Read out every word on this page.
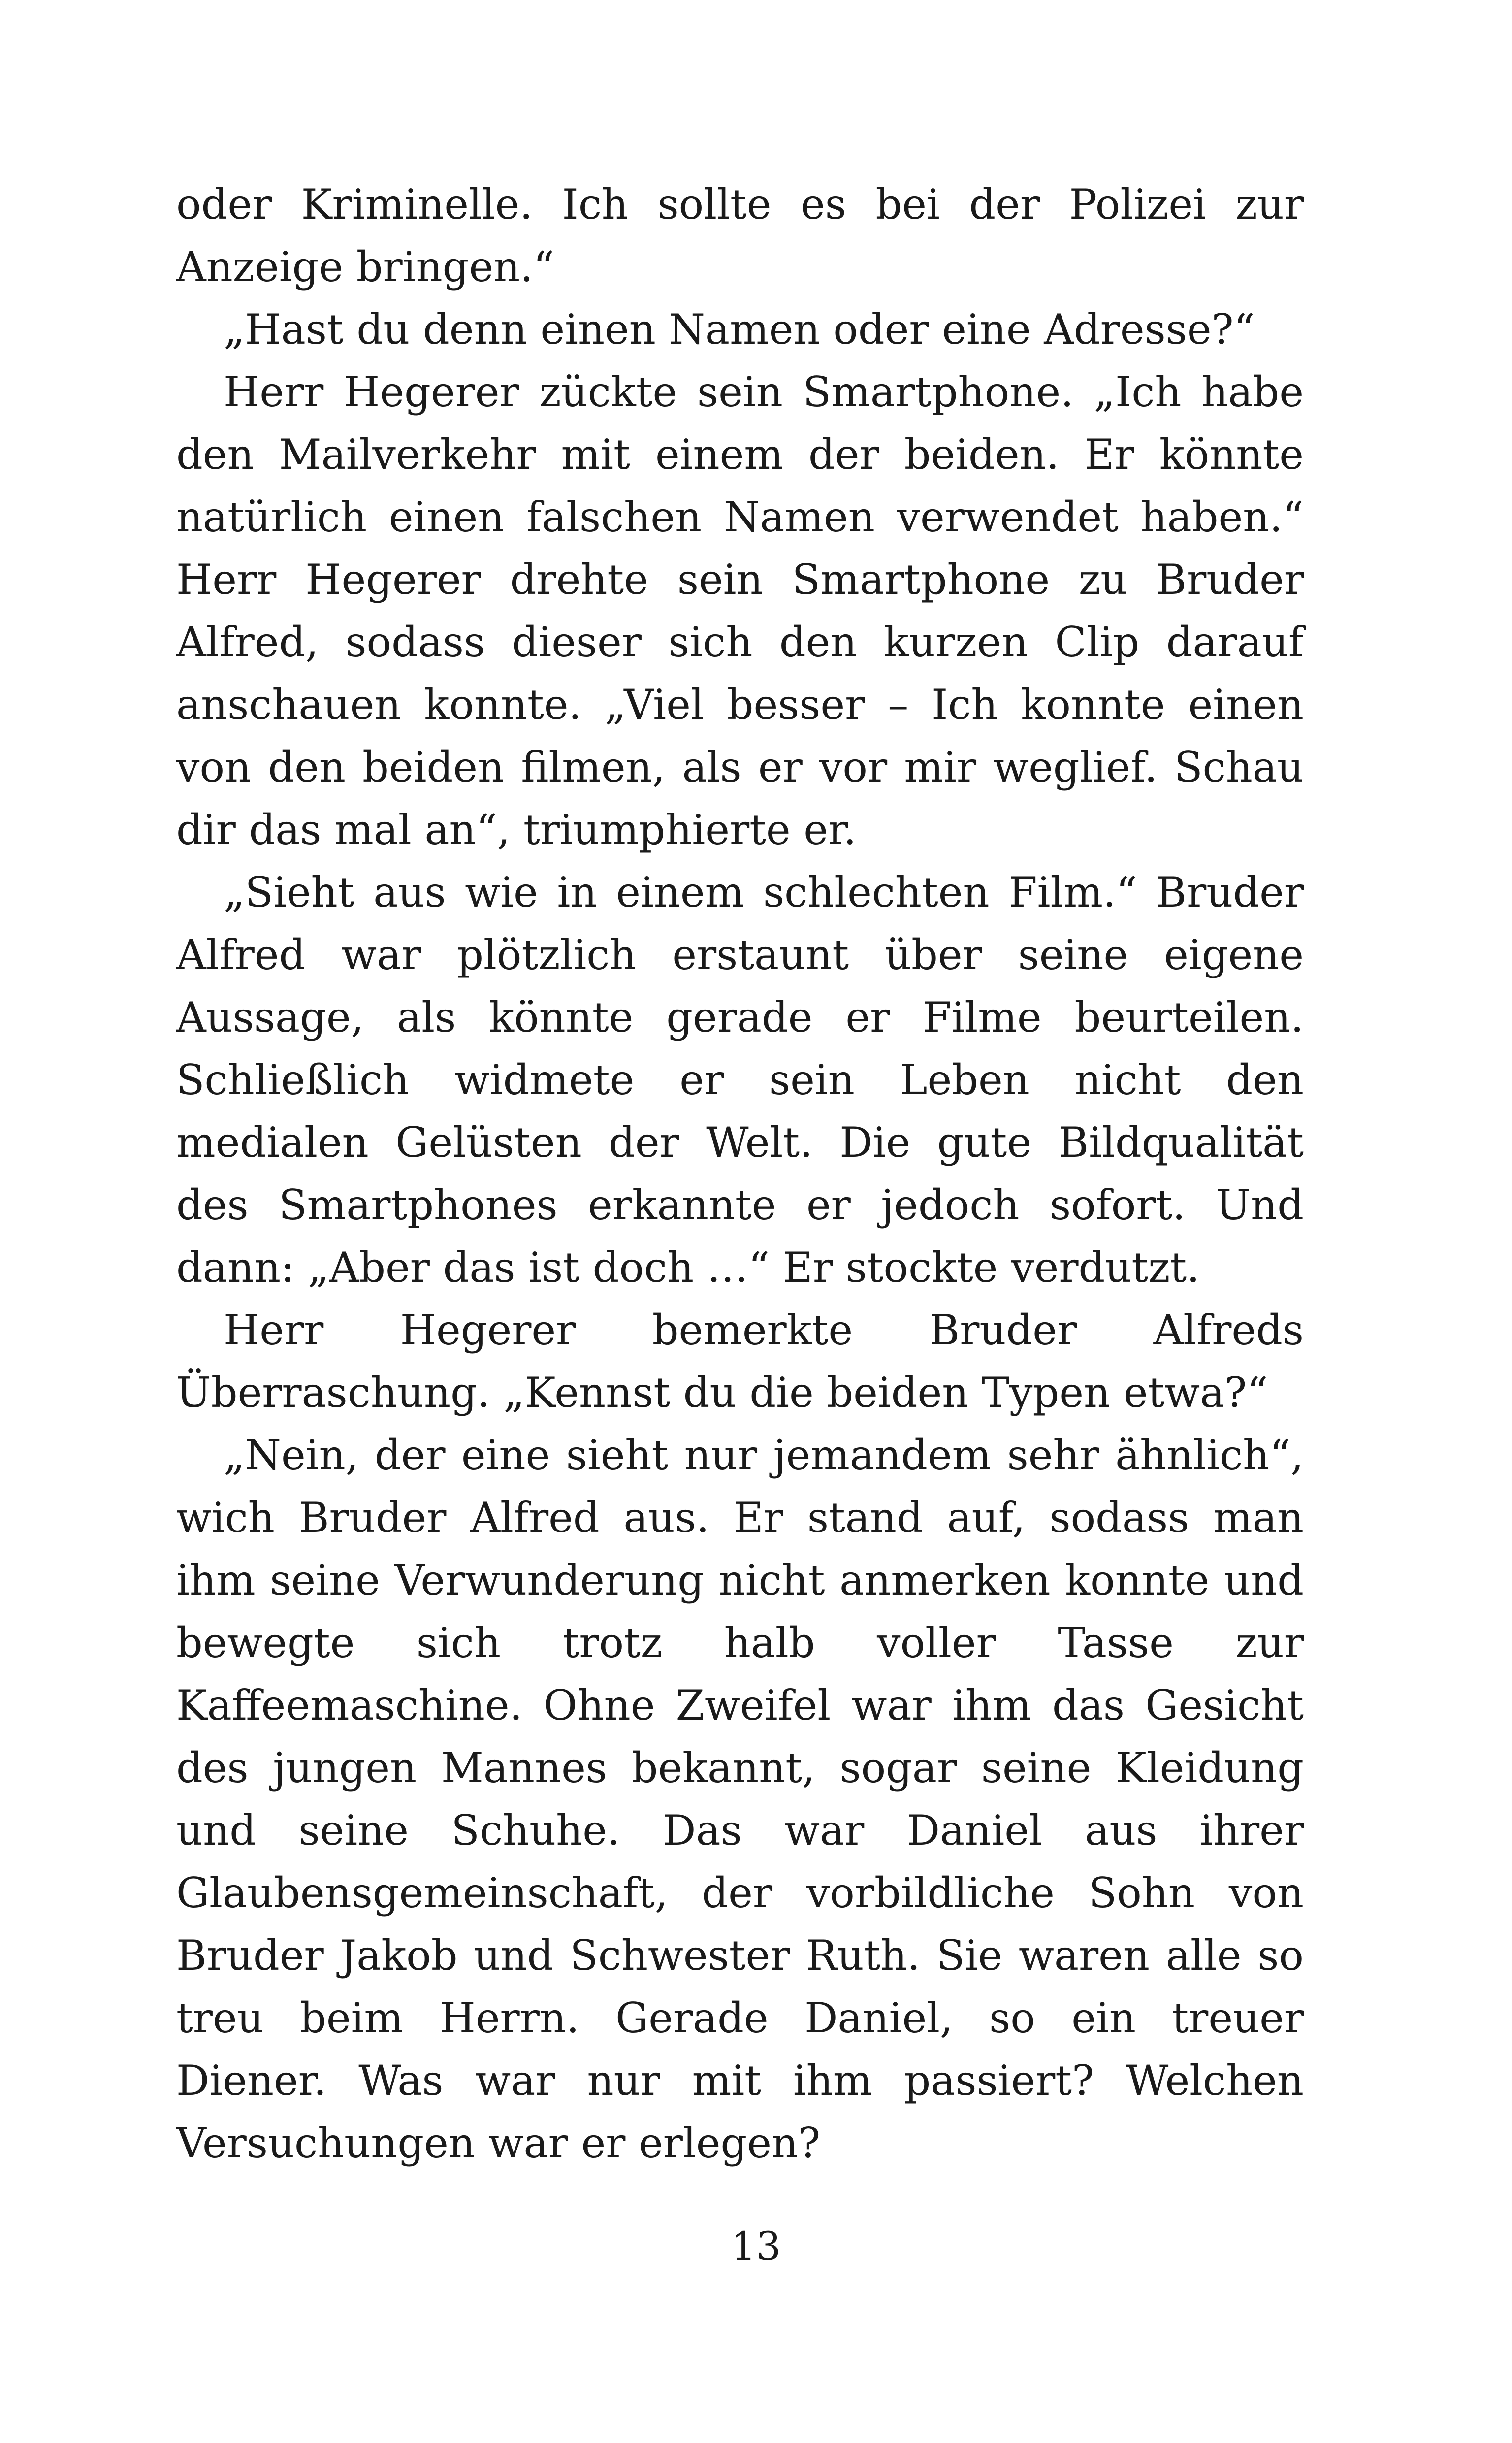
oder Kriminelle. Ich sollte es bei der Polizei zur Anzeige bringen.“

„Hast du denn einen Namen oder eine Adresse?“

Herr Hegerer zückte sein Smartphone. „Ich habe den Mailverkehr mit einem der beiden. Er könnte natürlich einen falschen Namen verwendet haben.“ Herr Hegerer drehte sein Smartphone zu Bruder Alfred, sodass dieser sich den kurzen Clip darauf anschauen konnte. „Viel besser – Ich konnte einen von den beiden filmen, als er vor mir weglief. Schau dir das mal an“, triumphierte er.

„Sieht aus wie in einem schlechten Film.“ Bruder Alfred war plötzlich erstaunt über seine eigene Aussage, als könnte gerade er Filme beurteilen. Schließlich widmete er sein Leben nicht den medialen Gelüsten der Welt. Die gute Bildqualität des Smartphones erkannte er jedoch sofort. Und dann: „Aber das ist doch …“ Er stockte verdutzt.

Herr Hegerer bemerkte Bruder Alfreds Überraschung. „Kennst du die beiden Typen etwa?“

„Nein, der eine sieht nur jemandem sehr ähnlich“, wich Bruder Alfred aus. Er stand auf, sodass man ihm seine Verwunderung nicht anmerken konnte und bewegte sich trotz halb voller Tasse zur Kaffeemaschine. Ohne Zweifel war ihm das Gesicht des jungen Mannes bekannt, sogar seine Kleidung und seine Schuhe. Das war Daniel aus ihrer Glaubensgemeinschaft, der vorbildliche Sohn von Bruder Jakob und Schwester Ruth. Sie waren alle so treu beim Herrn. Gerade Daniel, so ein treuer Diener. Was war nur mit ihm passiert? Welchen Versuchungen war er erlegen?

13
